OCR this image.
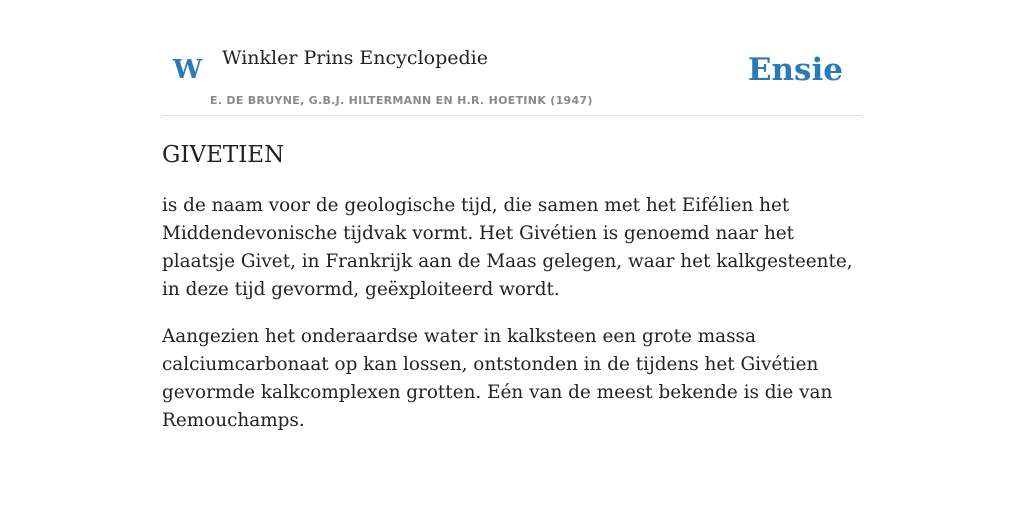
W Winkler Prins Encyclopedie
E. DE BRUYNE, G.B.J. HILTERMANN EN H.R. HOETINK (1947)
Ensie
GIVETIEN

is de naam voor de geologische tijd, die samen met het Eifélien het Middendevonische tijdvak vormt. Het Givétien is genoemd naar het plaatsje Givet, in Frankrijk aan de Maas gelegen, waar het kalkgesteente, in deze tijd gevormd, geëxploiteerd wordt.

Aangezien het onderaardse water in kalksteen een grote massa calciumcarbonaat op kan lossen, ontstonden in de tijdens het Givétien gevormde kalkcomplexen grotten. Eén van de meest bekende is die van Remouchamps.
